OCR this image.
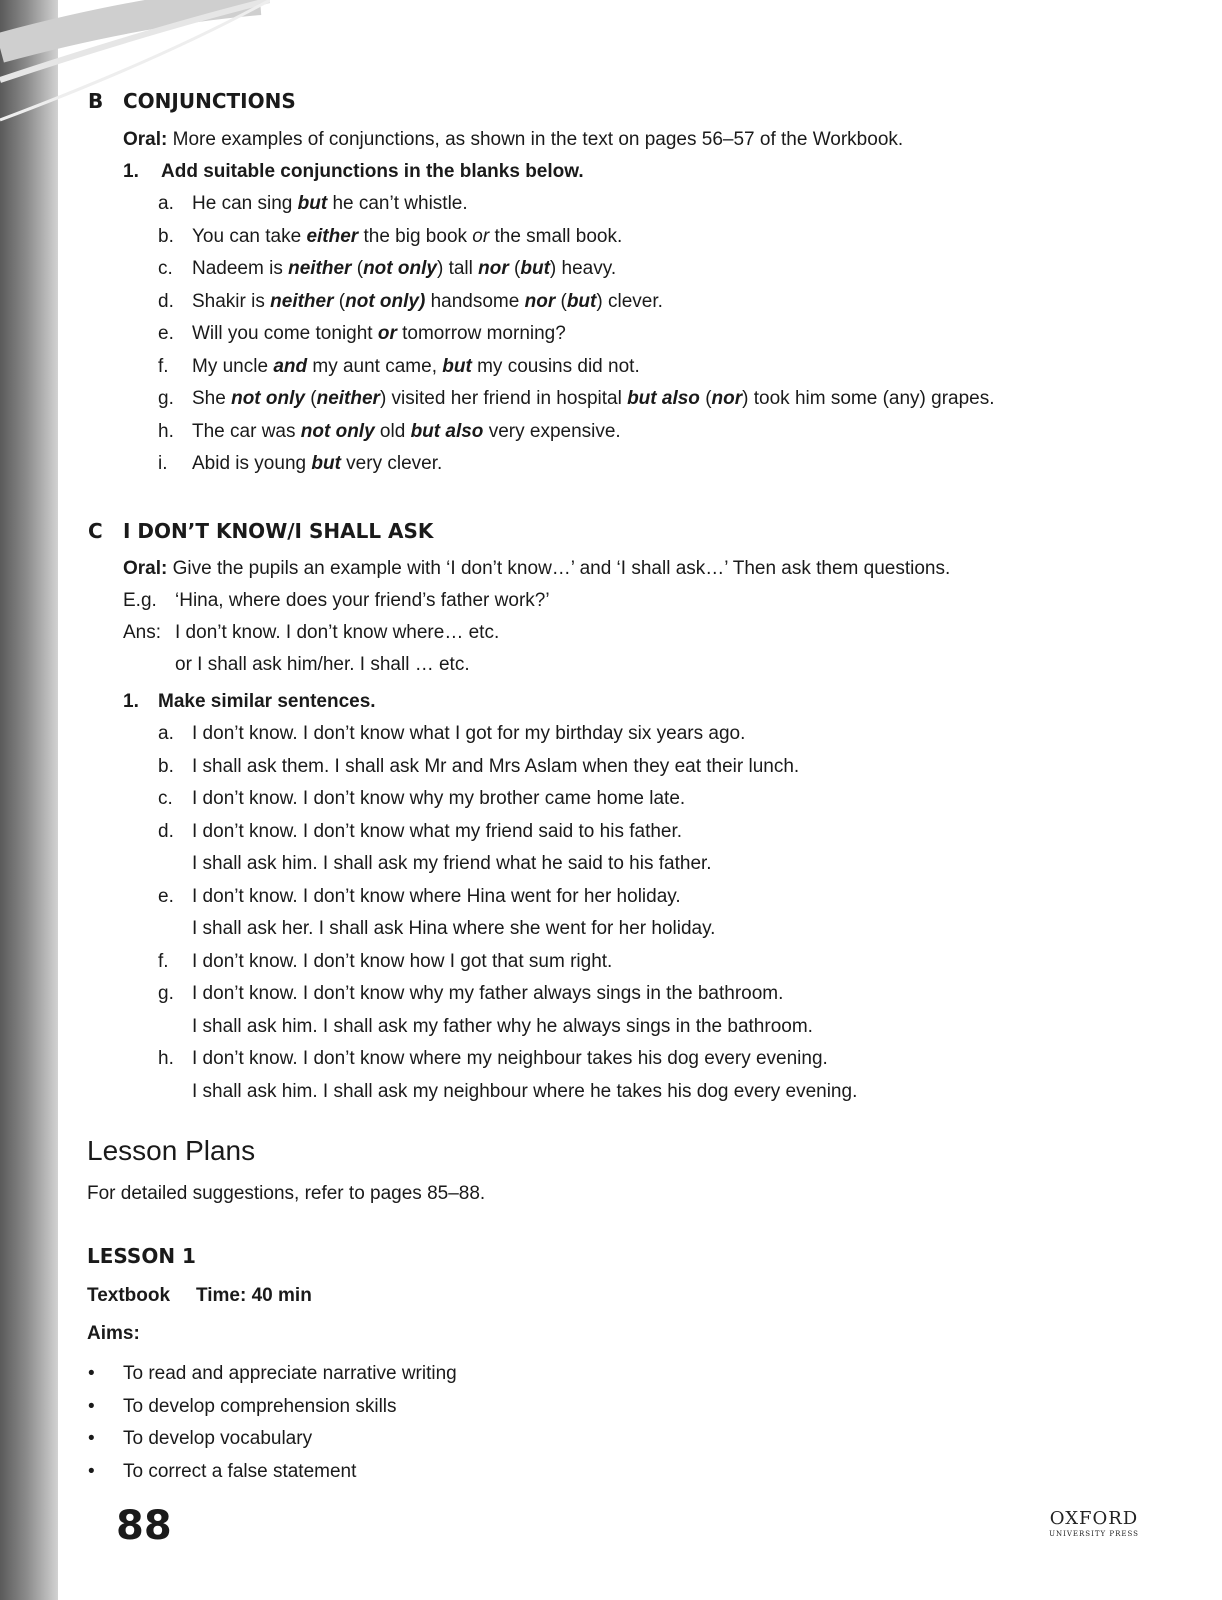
B CONJUNCTIONS
Oral: More examples of conjunctions, as shown in the text on pages 56–57 of the Workbook.
1. Add suitable conjunctions in the blanks below.
a. He can sing but he can’t whistle.
b. You can take either the big book or the small book.
c. Nadeem is neither (not only) tall nor (but) heavy.
d. Shakir is neither (not only) handsome nor (but) clever.
e. Will you come tonight or tomorrow morning?
f. My uncle and my aunt came, but my cousins did not.
g. She not only (neither) visited her friend in hospital but also (nor) took him some (any) grapes.
h. The car was not only old but also very expensive.
i. Abid is young but very clever.
C I DON’T KNOW/I SHALL ASK
Oral: Give the pupils an example with ‘I don’t know…’ and ‘I shall ask…’ Then ask them questions.
E.g. ‘Hina, where does your friend’s father work?’
Ans: I don’t know. I don’t know where… etc.
or I shall ask him/her. I shall … etc.
1. Make similar sentences.
a. I don’t know. I don’t know what I got for my birthday six years ago.
b. I shall ask them. I shall ask Mr and Mrs Aslam when they eat their lunch.
c. I don’t know. I don’t know why my brother came home late.
d. I don’t know. I don’t know what my friend said to his father.
I shall ask him. I shall ask my friend what he said to his father.
e. I don’t know. I don’t know where Hina went for her holiday.
I shall ask her. I shall ask Hina where she went for her holiday.
f. I don’t know. I don’t know how I got that sum right.
g. I don’t know. I don’t know why my father always sings in the bathroom.
I shall ask him. I shall ask my father why he always sings in the bathroom.
h. I don’t know. I don’t know where my neighbour takes his dog every evening.
I shall ask him. I shall ask my neighbour where he takes his dog every evening.
Lesson Plans
For detailed suggestions, refer to pages 85–88.
LESSON 1
Textbook Time: 40 min
Aims:
• To read and appreciate narrative writing
• To develop comprehension skills
• To develop vocabulary
• To correct a false statement
88	OXFORD
UNIVERSITY PRESS
